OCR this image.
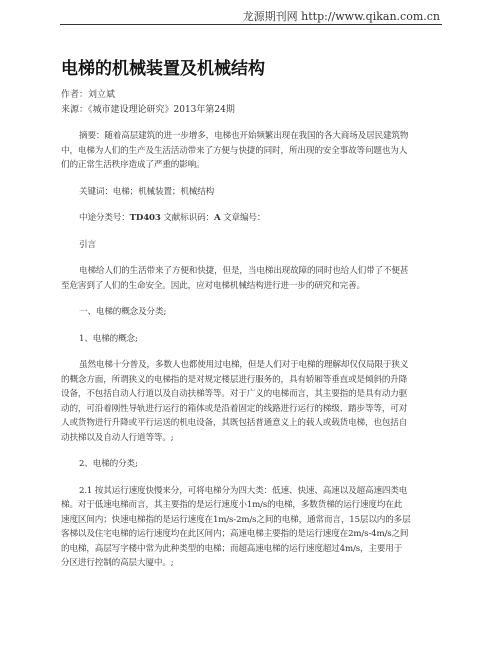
龙源期刊网 http://www.qikan.com.cn
电梯的机械装置及机械结构
作者：刘立斌
来源：《城市建设理论研究》2013年第24期
摘要：随着高层建筑的进一步增多，电梯也开始频繁出现在我国的各大商场及居民建筑物
中，电梯为人们的生产及生活活动带来了方便与快捷的同时，所出现的安全事故等问题也为人
们的正常生活秩序造成了严重的影响。
关键词：电梯；机械装置；机械结构
中途分类号：TD403 文献标识码：A 文章编号：
引言
电梯给人们的生活带来了方便和快捷，但是，当电梯出现故障的同时也给人们带了不便甚
至危害到了人们的生命安全。因此，应对电梯机械结构进行进一步的研究和完善。
一、电梯的概念及分类;
1、电梯的概念;
虽然电梯十分普及，多数人也都使用过电梯，但是人们对于电梯的理解却仅仅局限于狭义
的概念方面，所谓狭义的电梯指的是对规定楼层进行服务的，具有轿厢等垂直或是倾斜的升降
设备，不包括自动人行道以及自动扶梯等等。对于广义的电梯而言，其主要指的是具有动力驱
动的，可沿着刚性导轨进行运行的箱体或是沿着固定的线路进行运行的梯级、踏步等等，可对
人或货物进行升降或平行运送的机电设备，其既包括普通意义上的载人或载货电梯，也包括自
动扶梯以及自动人行道等等。;
2、电梯的分类;
2.1 按其运行速度快慢来分，可将电梯分为四大类：低速、快速、高速以及超高速四类电
梯。对于低速电梯而言，其主要指的是运行速度小1m/s的电梯，多数货梯的运行速度均在此
速度区间内；快速电梯指的是运行速度在1m/s-2m/s之间的电梯，通常而言，15层以内的多层
客梯以及住宅电梯的运行速度均在此区间内；高速电梯主要指的是运行速度在2m/s-4m/s之间
的电梯，高层写字楼中常为此种类型的电梯；而超高速电梯的运行速度超过4m/s，主要用于
分区进行控制的高层大厦中。;
